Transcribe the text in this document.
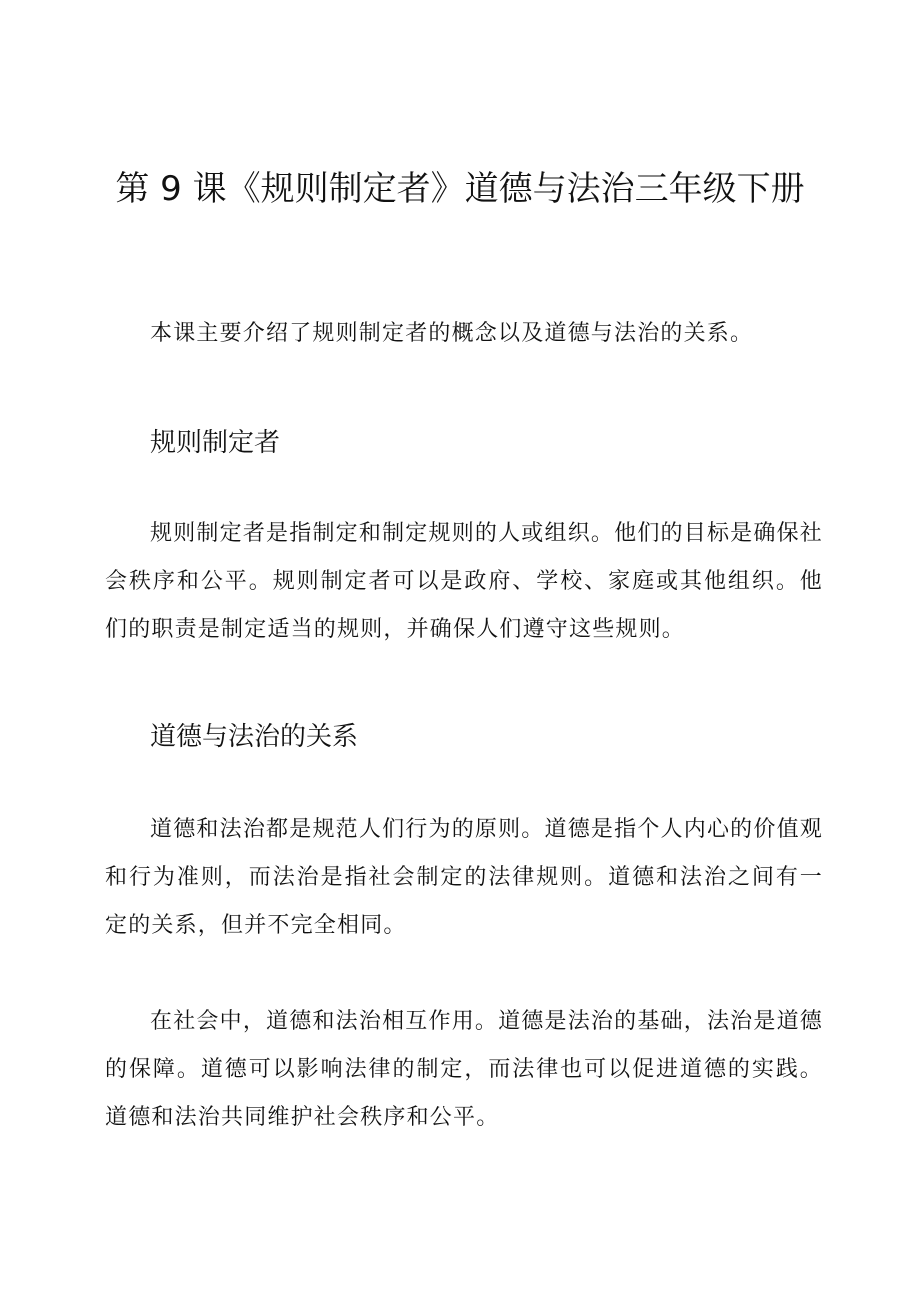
第 9 课《规则制定者》道德与法治三年级下册

本课主要介绍了规则制定者的概念以及道德与法治的关系。

规则制定者

规则制定者是指制定和制定规则的人或组织。他们的目标是确保社会秩序和公平。规则制定者可以是政府、学校、家庭或其他组织。他们的职责是制定适当的规则，并确保人们遵守这些规则。

道德与法治的关系

道德和法治都是规范人们行为的原则。道德是指个人内心的价值观和行为准则，而法治是指社会制定的法律规则。道德和法治之间有一定的关系，但并不完全相同。

在社会中，道德和法治相互作用。道德是法治的基础，法治是道德的保障。道德可以影响法律的制定，而法律也可以促进道德的实践。道德和法治共同维护社会秩序和公平。
